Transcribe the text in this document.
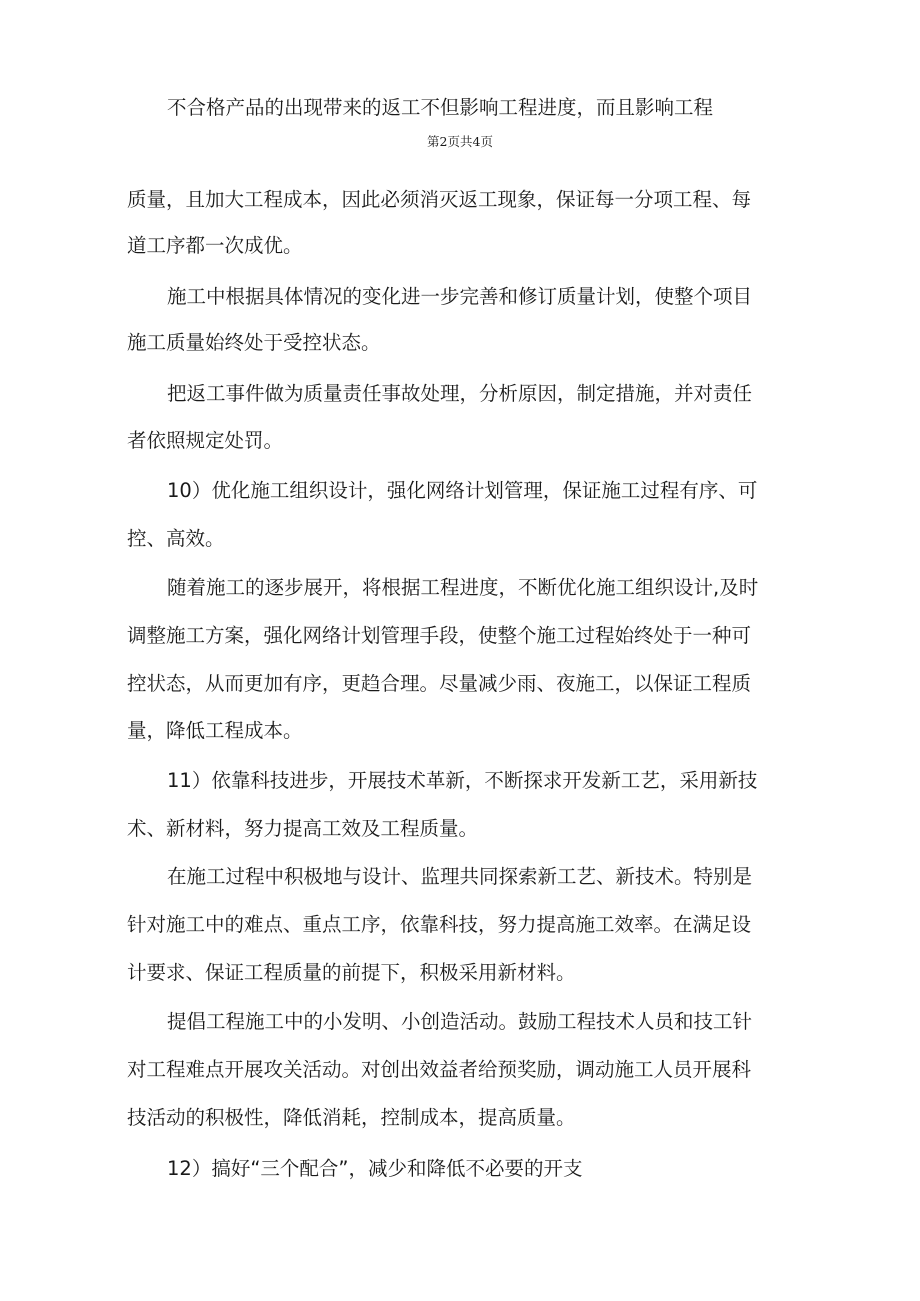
不合格产品的出现带来的返工不但影响工程进度，而且影响工程
第2页共4页
质量，且加大工程成本，因此必须消灭返工现象，保证每一分项工程、每
道工序都一次成优。
施工中根据具体情况的变化进一步完善和修订质量计划，使整个项目
施工质量始终处于受控状态。
把返工事件做为质量责任事故处理，分析原因，制定措施，并对责任
者依照规定处罚。
10）优化施工组织设计，强化网络计划管理，保证施工过程有序、可
控、高效。
随着施工的逐步展开，将根据工程进度，不断优化施工组织设计,及时
调整施工方案，强化网络计划管理手段，使整个施工过程始终处于一种可
控状态，从而更加有序，更趋合理。尽量减少雨、夜施工，以保证工程质
量，降低工程成本。
11）依靠科技进步，开展技术革新，不断探求开发新工艺，采用新技
术、新材料，努力提高工效及工程质量。
在施工过程中积极地与设计、监理共同探索新工艺、新技术。特别是
针对施工中的难点、重点工序，依靠科技，努力提高施工效率。在满足设
计要求、保证工程质量的前提下，积极采用新材料。
提倡工程施工中的小发明、小创造活动。鼓励工程技术人员和技工针
对工程难点开展攻关活动。对创出效益者给预奖励，调动施工人员开展科
技活动的积极性，降低消耗，控制成本，提高质量。
12）搞好“三个配合”，减少和降低不必要的开支
